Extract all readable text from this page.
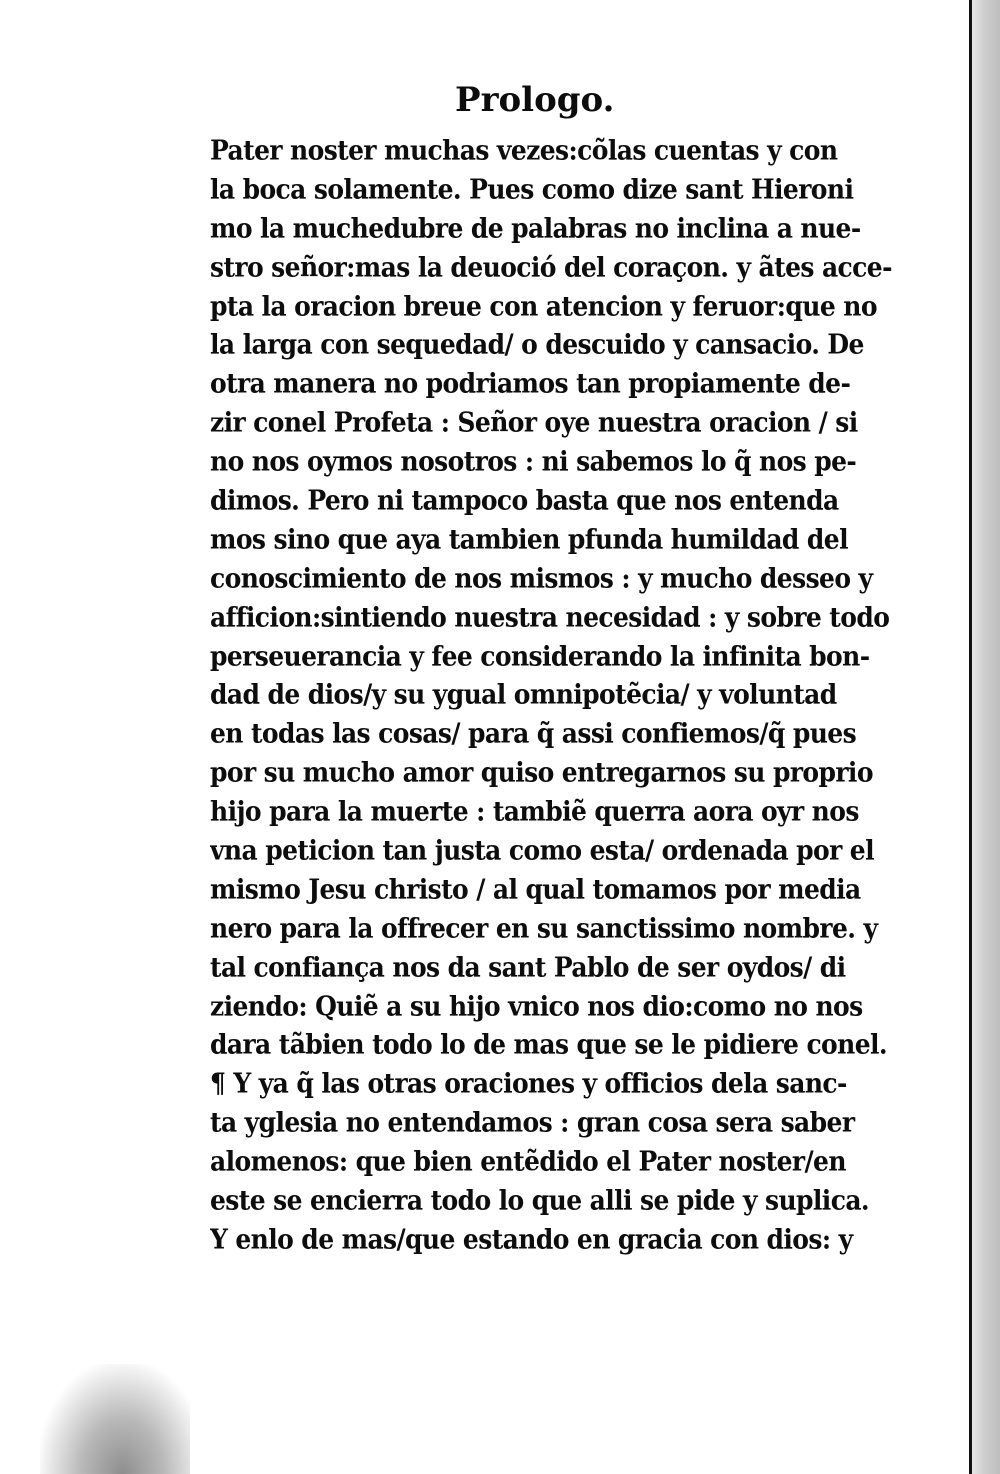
Prologo.
Pater noster muchas vezes:cõlas cuentas y con
la boca solamente. Pues como dize sant Hieroni
mo la muchedubre de palabras no inclina a nue-
stro señor:mas la deuoció del coraçon. y ãtes acce-
pta la oracion breue con atencion y feruor:que no
la larga con sequedad/ o descuido y cansacio. De
otra manera no podriamos tan propiamente de-
zir conel Profeta : Señor oye nuestra oracion / si
no nos oymos nosotros : ni sabemos lo q̃ nos pe-
dimos. Pero ni tampoco basta que nos entenda
mos sino que aya tambien pfunda humildad del
conoscimiento de nos mismos : y mucho desseo y
afficion:sintiendo nuestra necesidad : y sobre todo
perseuerancia y fee considerando la infinita bon-
dad de dios/y su ygual omnipotẽcia/ y voluntad
en todas las cosas/ para q̃ assi confiemos/q̃ pues
por su mucho amor quiso entregarnos su proprio
hijo para la muerte : tambiẽ querra aora oyr nos
vna peticion tan justa como esta/ ordenada por el
mismo Jesu christo / al qual tomamos por media
nero para la offrecer en su sanctissimo nombre. y
tal confiança nos da sant Pablo de ser oydos/ di
ziendo: Quiẽ a su hijo vnico nos dio:como no nos
dara tãbien todo lo de mas que se le pidiere conel.
¶ Y ya q̃ las otras oraciones y officios dela sanc-
ta yglesia no entendamos : gran cosa sera saber
alomenos: que bien entẽdido el Pater noster/en
este se encierra todo lo que alli se pide y suplica.
Y enlo de mas/que estando en gracia con dios: y
